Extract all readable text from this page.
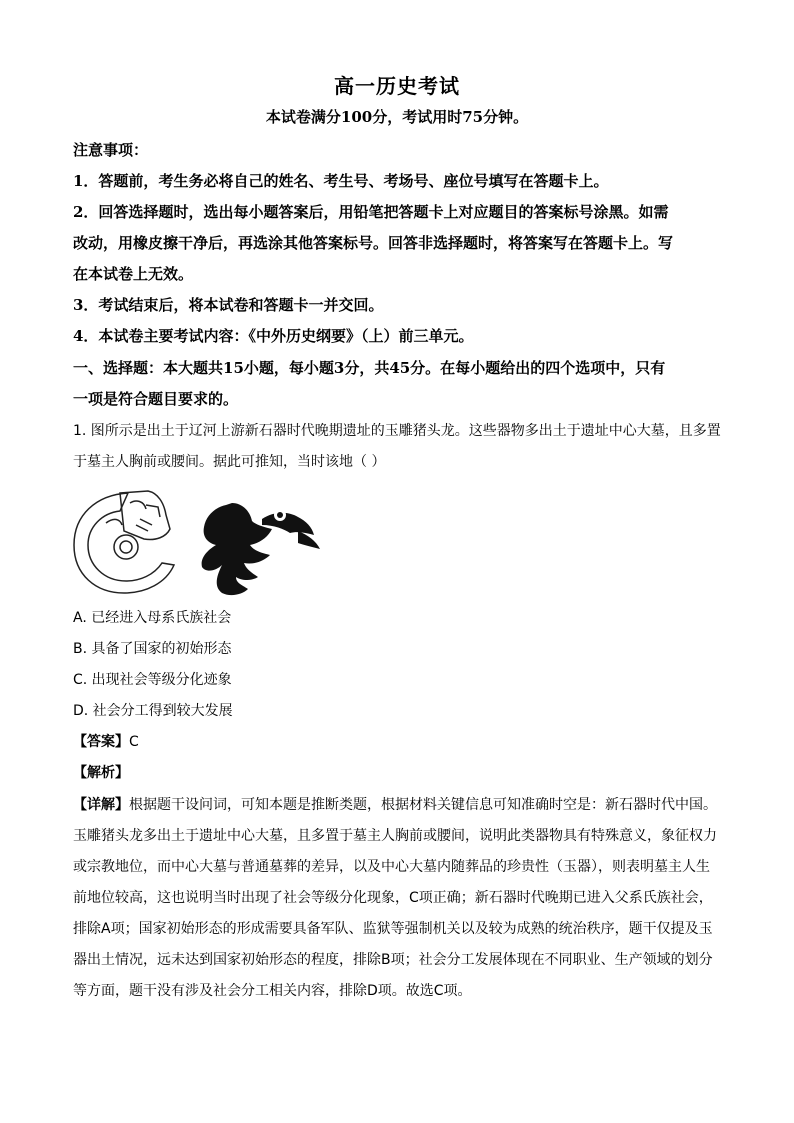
高一历史考试
本试卷满分100分，考试用时75分钟。
注意事项：
1．答题前，考生务必将自己的姓名、考生号、考场号、座位号填写在答题卡上。
2．回答选择题时，选出每小题答案后，用铅笔把答题卡上对应题目的答案标号涂黑。如需
改动，用橡皮擦干净后，再选涂其他答案标号。回答非选择题时，将答案写在答题卡上。写
在本试卷上无效。
3．考试结束后，将本试卷和答题卡一并交回。
4．本试卷主要考试内容：《中外历史纲要》（上）前三单元。
一、选择题：本大题共15小题，每小题3分，共45分。在每小题给出的四个选项中，只有
一项是符合题目要求的。
1. 图所示是出土于辽河上游新石器时代晚期遗址的玉雕猪头龙。这些器物多出土于遗址中心大墓，且多置
于墓主人胸前或腰间。据此可推知，当时该地（ ）
A. 已经进入母系氏族社会
B. 具备了国家的初始形态
C. 出现社会等级分化迹象
D. 社会分工得到较大发展
【答案】C
【解析】
【详解】根据题干设问词，可知本题是推断类题，根据材料关键信息可知准确时空是：新石器时代中国。
玉雕猪头龙多出土于遗址中心大墓，且多置于墓主人胸前或腰间，说明此类器物具有特殊意义，象征权力
或宗教地位，而中心大墓与普通墓葬的差异，以及中心大墓内随葬品的珍贵性（玉器），则表明墓主人生
前地位较高，这也说明当时出现了社会等级分化现象，C项正确；新石器时代晚期已进入父系氏族社会，
排除A项；国家初始形态的形成需要具备军队、监狱等强制机关以及较为成熟的统治秩序，题干仅提及玉
器出土情况，远未达到国家初始形态的程度，排除B项；社会分工发展体现在不同职业、生产领域的划分
等方面，题干没有涉及社会分工相关内容，排除D项。故选C项。
